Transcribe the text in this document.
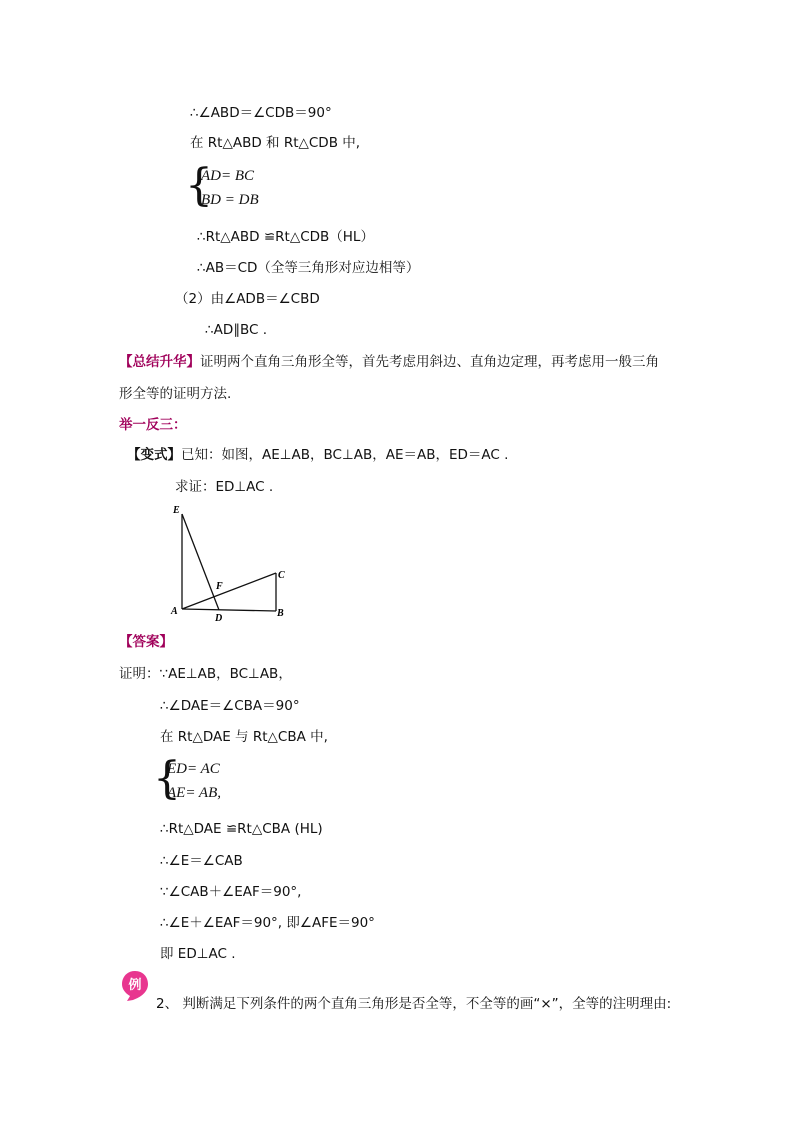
∴∠ABD＝∠CDB＝90°
在 Rt△ABD 和 Rt△CDB 中,
{
AD= BC
BD = DB
∴Rt△ABD ≌Rt△CDB（HL）
∴AB＝CD（全等三角形对应边相等）
（2）由∠ADB＝∠CBD
∴AD∥BC .
【总结升华】证明两个直角三角形全等，首先考虑用斜边、直角边定理，再考虑用一般三角
形全等的证明方法.
举一反三：
【变式】已知：如图，AE⊥AB，BC⊥AB，AE＝AB，ED＝AC .
求证：ED⊥AC .
E
F
C
A
D	B
【答案】
证明：∵AE⊥AB，BC⊥AB，
∴∠DAE＝∠CBA＝90°
在 Rt△DAE 与 Rt△CBA 中,
{
ED= AC
AE= AB,
∴Rt△DAE ≌Rt△CBA (HL)
∴∠E＝∠CAB
∵∠CAB＋∠EAF＝90°,
∴∠E＋∠EAF＝90°, 即∠AFE＝90°
即 ED⊥AC .
例
2、 判断满足下列条件的两个直角三角形是否全等，不全等的画“×”，全等的注明理由:
